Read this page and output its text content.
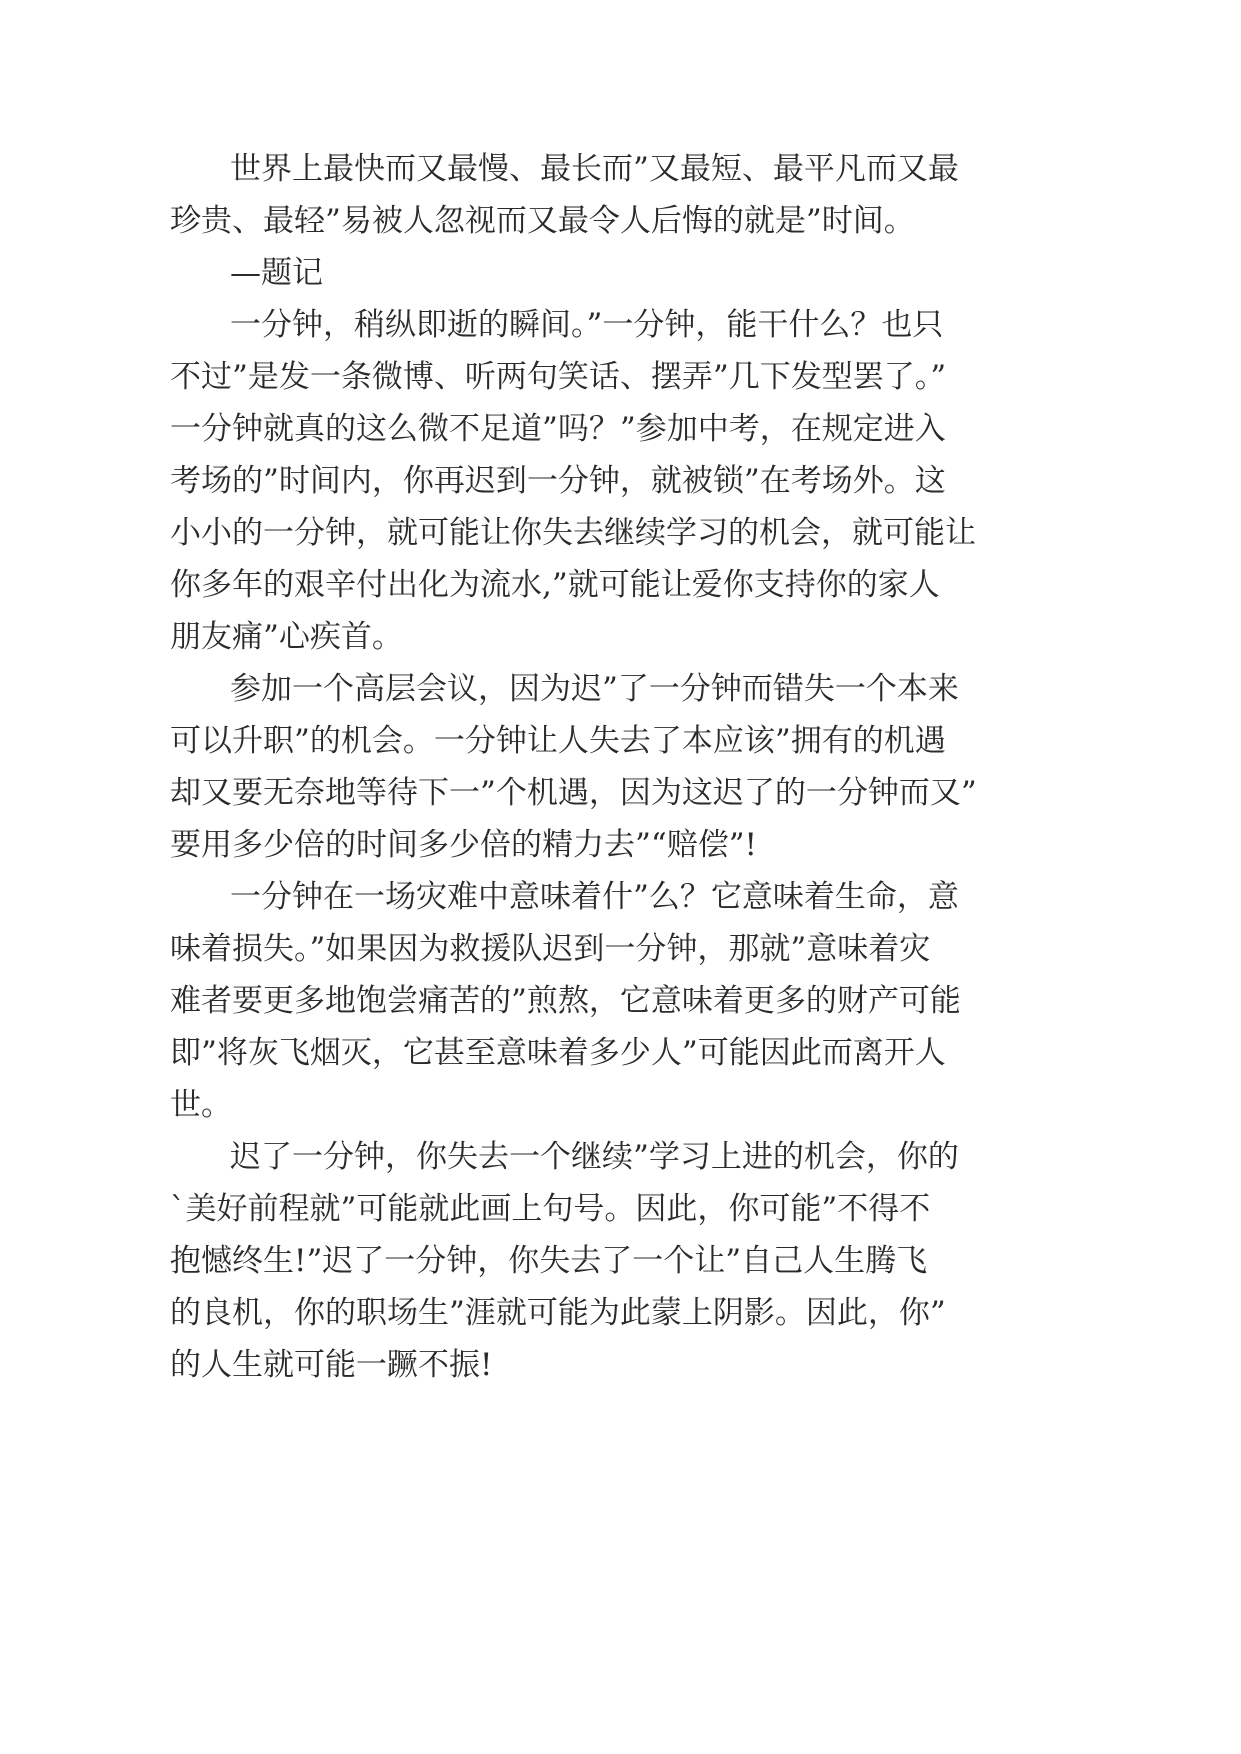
世界上最快而又最慢、最长而”又最短、最平凡而又最

珍贵、最轻”易被人忽视而又最令人后悔的就是”时间。

—题记

一分钟，稍纵即逝的瞬间。”一分钟，能干什么？也只

不过”是发一条微博、听两句笑话、摆弄”几下发型罢了。”

一分钟就真的这么微不足道”吗？”参加中考，在规定进入

考场的”时间内，你再迟到一分钟，就被锁”在考场外。这

小小的一分钟，就可能让你失去继续学习的机会，就可能让

你多年的艰辛付出化为流水,”就可能让爱你支持你的家人

朋友痛”心疾首。

参加一个高层会议，因为迟”了一分钟而错失一个本来

可以升职”的机会。一分钟让人失去了本应该”拥有的机遇

却又要无奈地等待下一”个机遇，因为这迟了的一分钟而又”

要用多少倍的时间多少倍的精力去”“赔偿”!

一分钟在一场灾难中意味着什”么？它意味着生命，意

味着损失。”如果因为救援队迟到一分钟，那就”意味着灾

难者要更多地饱尝痛苦的”煎熬，它意味着更多的财产可能

即”将灰飞烟灭，它甚至意味着多少人”可能因此而离开人

世。

迟了一分钟，你失去一个继续”学习上进的机会，你的

`美好前程就”可能就此画上句号。因此，你可能”不得不

抱憾终生!”迟了一分钟，你失去了一个让”自己人生腾飞

的良机，你的职场生”涯就可能为此蒙上阴影。因此，你”

的人生就可能一蹶不振!
